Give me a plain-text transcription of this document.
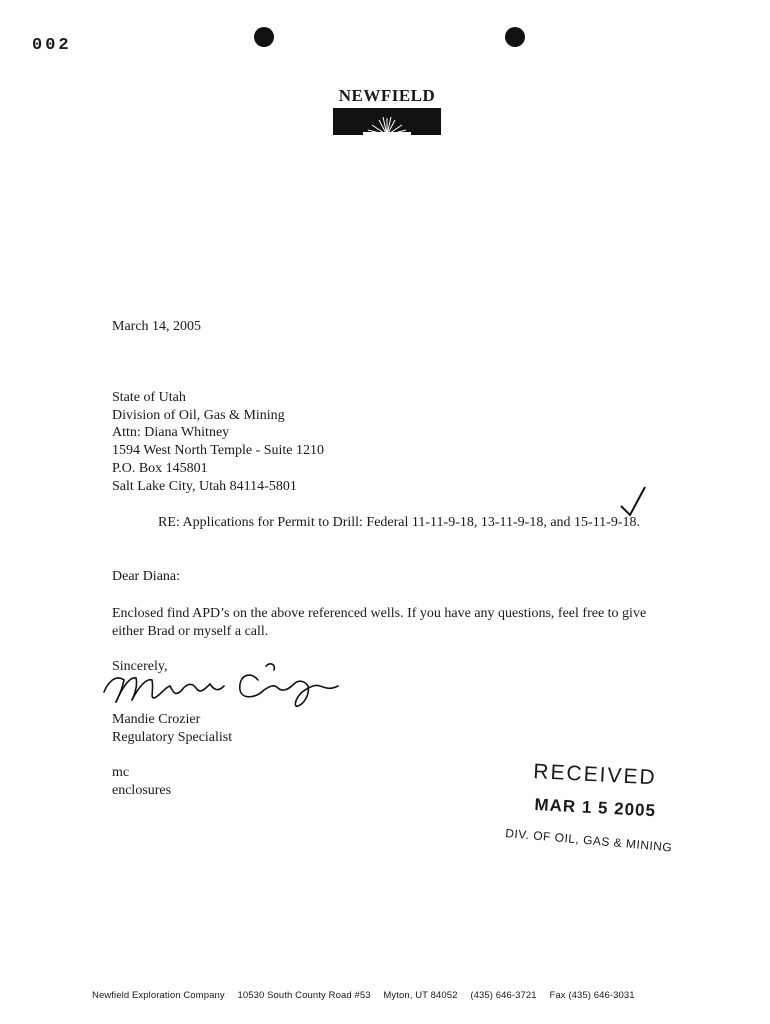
002
NEWFIELD
March 14, 2005
State of Utah
Division of Oil, Gas & Mining
Attn: Diana Whitney
1594 West North Temple - Suite 1210
P.O. Box 145801
Salt Lake City, Utah 84114-5801
RE: Applications for Permit to Drill: Federal 11-11-9-18, 13-11-9-18, and 15-11-9-18.
Dear Diana:
Enclosed find APD’s on the above referenced wells. If you have any questions, feel free to give either Brad or myself a call.
Sincerely,
Mandie Crozier
Regulatory Specialist
mc
enclosures
RECEIVED
MAR 1 5 2005
DIV. OF OIL, GAS & MINING
Newfield Exploration Company 10530 South County Road #53 Myton, UT 84052 (435) 646-3721 Fax (435) 646-3031
